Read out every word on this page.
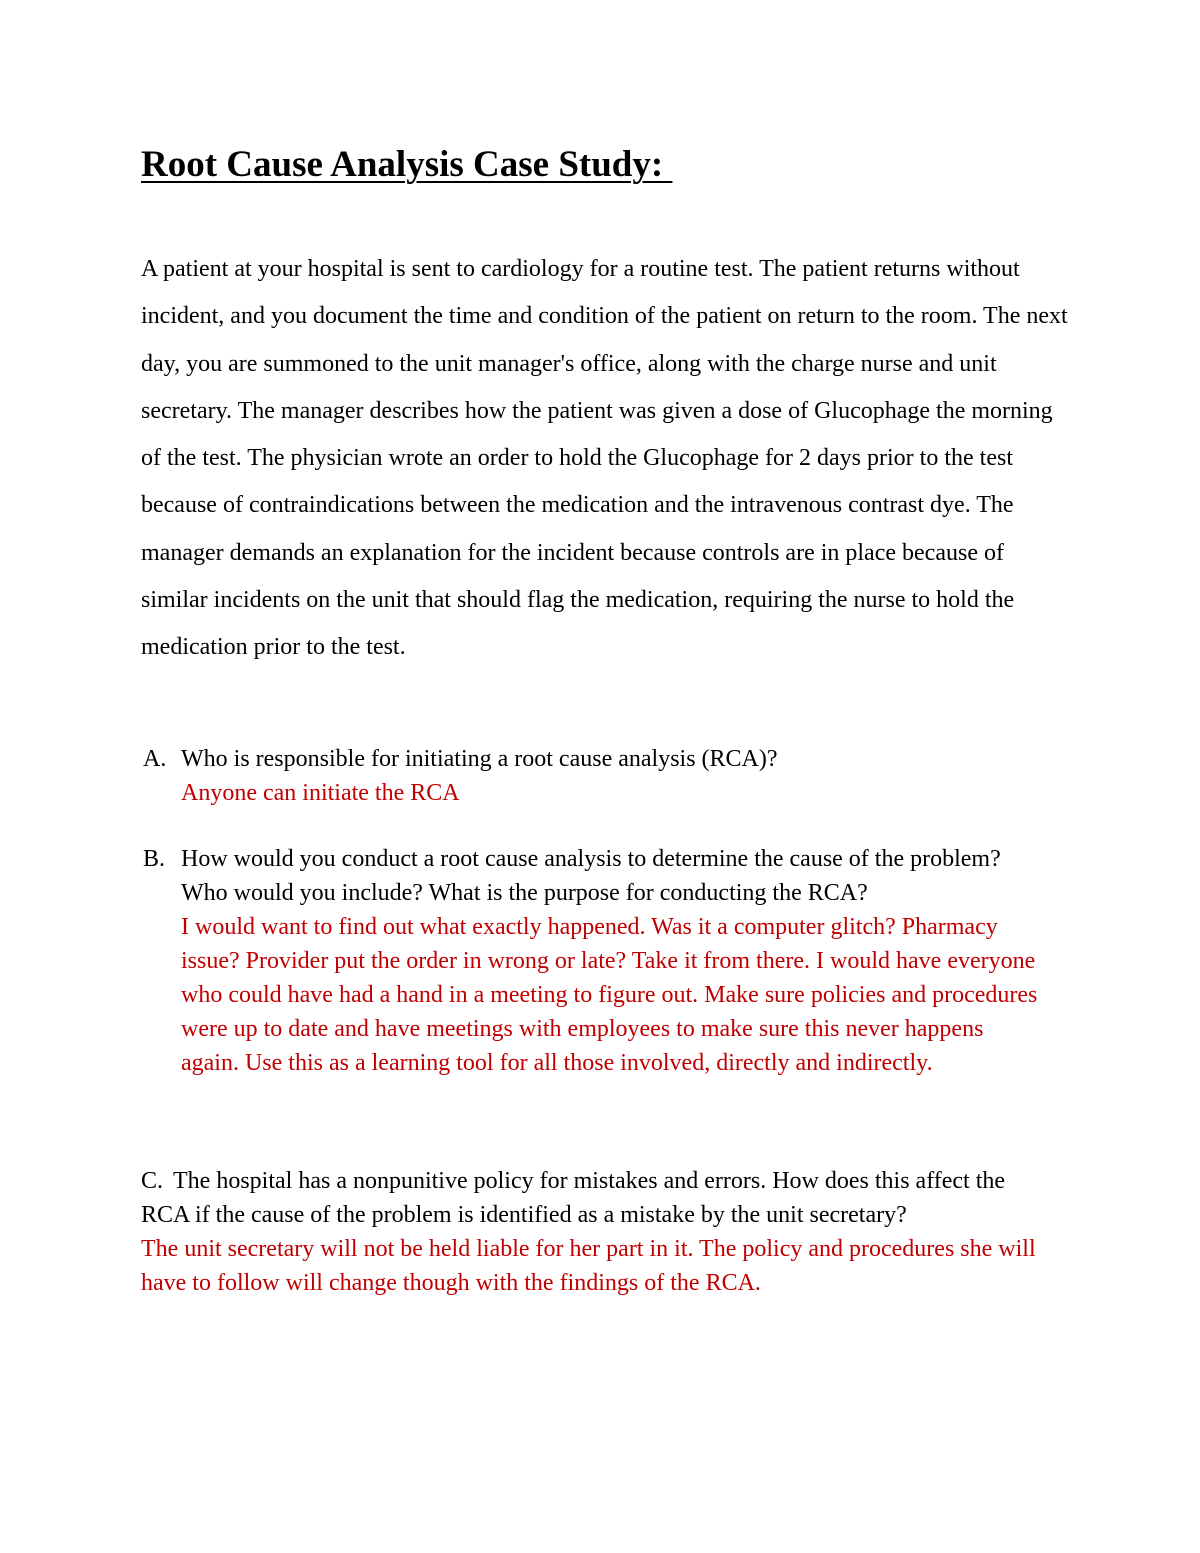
Root Cause Analysis Case Study:

A patient at your hospital is sent to cardiology for a routine test. The patient returns without incident, and you document the time and condition of the patient on return to the room. The next day, you are summoned to the unit manager's office, along with the charge nurse and unit secretary. The manager describes how the patient was given a dose of Glucophage the morning of the test. The physician wrote an order to hold the Glucophage for 2 days prior to the test because of contraindications between the medication and the intravenous contrast dye. The manager demands an explanation for the incident because controls are in place because of similar incidents on the unit that should flag the medication, requiring the nurse to hold the medication prior to the test.

A. Who is responsible for initiating a root cause analysis (RCA)?
Anyone can initiate the RCA
B. How would you conduct a root cause analysis to determine the cause of the problem? Who would you include? What is the purpose for conducting the RCA?
I would want to find out what exactly happened. Was it a computer glitch? Pharmacy issue? Provider put the order in wrong or late? Take it from there. I would have everyone who could have had a hand in a meeting to figure out. Make sure policies and procedures were up to date and have meetings with employees to make sure this never happens again. Use this as a learning tool for all those involved, directly and indirectly.

C. The hospital has a nonpunitive policy for mistakes and errors. How does this affect the RCA if the cause of the problem is identified as a mistake by the unit secretary?

The unit secretary will not be held liable for her part in it. The policy and procedures she will have to follow will change though with the findings of the RCA.
